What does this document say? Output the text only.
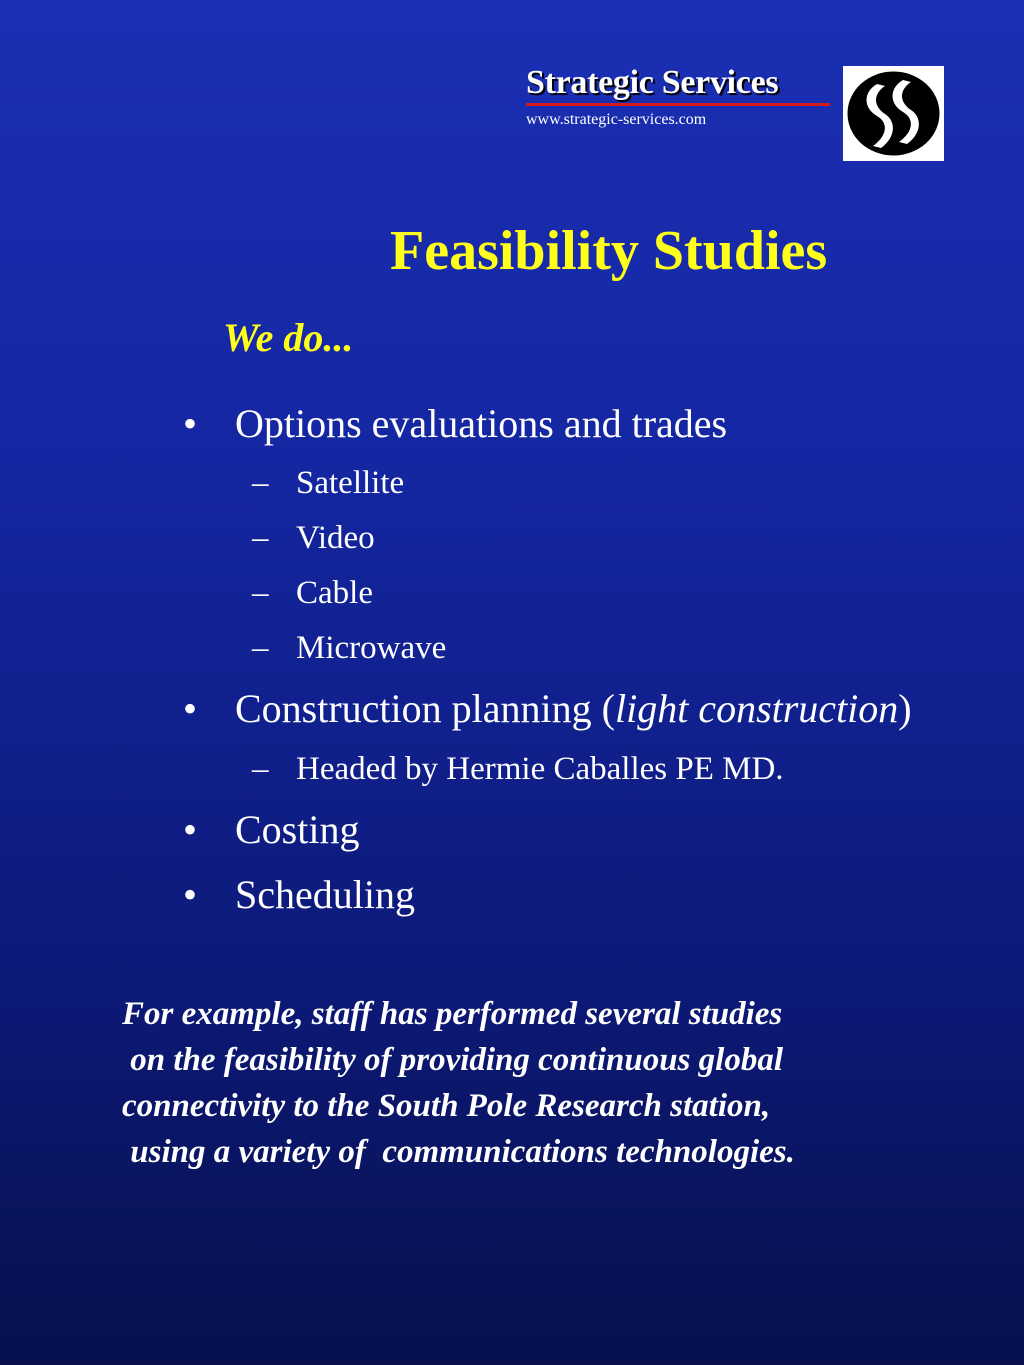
Strategic Services
www.strategic-services.com
Feasibility Studies
We do...
• Options evaluations and trades
– Satellite
– Video
– Cable
– Microwave
• Construction planning (light construction)
– Headed by Hermie Caballes PE MD.
• Costing
• Scheduling
For example, staff has performed several studies
on the feasibility of providing continuous global
connectivity to the South Pole Research station,
using a variety of  communications technologies.
